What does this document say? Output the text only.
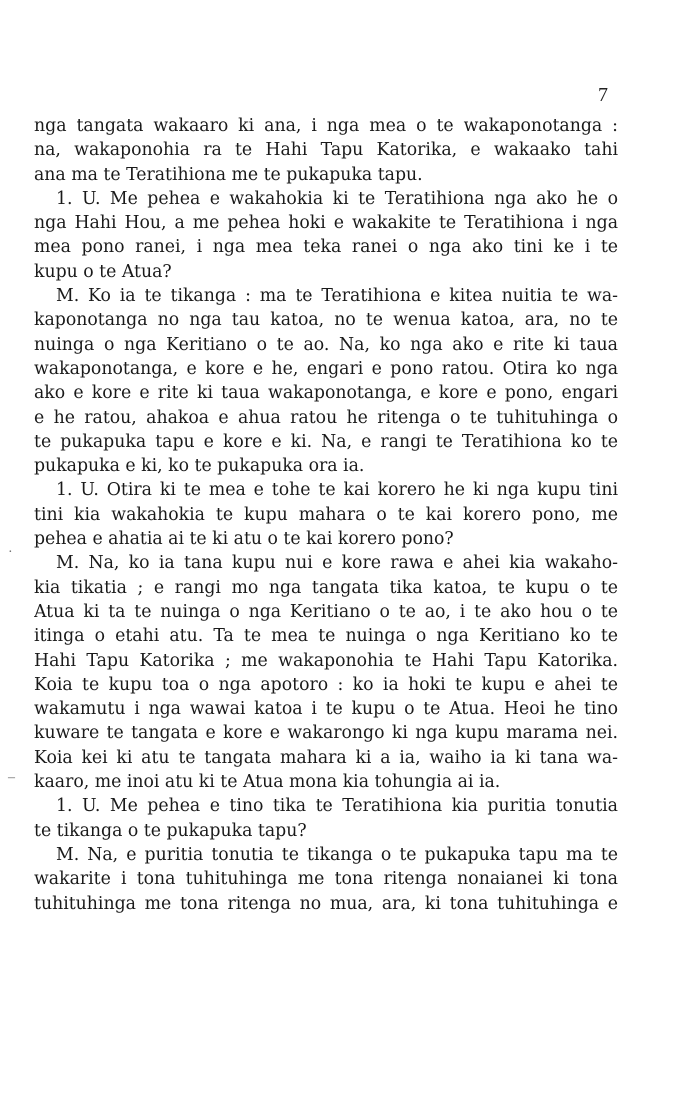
7
·
–
nga tangata wakaaro ki ana, i nga mea o te wakaponotanga :
na, wakaponohia ra te Hahi Tapu Katorika, e wakaako tahi
ana ma te Teratihiona me te pukapuka tapu.
1. U. Me pehea e wakahokia ki te Teratihiona nga ako he o
nga Hahi Hou, a me pehea hoki e wakakite te Teratihiona i nga
mea pono ranei, i nga mea teka ranei o nga ako tini ke i te
kupu o te Atua?
M. Ko ia te tikanga : ma te Teratihiona e kitea nuitia te wa-
kaponotanga no nga tau katoa, no te wenua katoa, ara, no te
nuinga o nga Keritiano o te ao. Na, ko nga ako e rite ki taua
wakaponotanga, e kore e he, engari e pono ratou. Otira ko nga
ako e kore e rite ki taua wakaponotanga, e kore e pono, engari
e he ratou, ahakoa e ahua ratou he ritenga o te tuhituhinga o
te pukapuka tapu e kore e ki. Na, e rangi te Teratihiona ko te
pukapuka e ki, ko te pukapuka ora ia.
1. U. Otira ki te mea e tohe te kai korero he ki nga kupu tini
tini kia wakahokia te kupu mahara o te kai korero pono, me
pehea e ahatia ai te ki atu o te kai korero pono?
M. Na, ko ia tana kupu nui e kore rawa e ahei kia wakaho-
kia tikatia ; e rangi mo nga tangata tika katoa, te kupu o te
Atua ki ta te nuinga o nga Keritiano o te ao, i te ako hou o te
itinga o etahi atu. Ta te mea te nuinga o nga Keritiano ko te
Hahi Tapu Katorika ; me wakaponohia te Hahi Tapu Katorika.
Koia te kupu toa o nga apotoro : ko ia hoki te kupu e ahei te
wakamutu i nga wawai katoa i te kupu o te Atua. Heoi he tino
kuware te tangata e kore e wakarongo ki nga kupu marama nei.
Koia kei ki atu te tangata mahara ki a ia, waiho ia ki tana wa-
kaaro, me inoi atu ki te Atua mona kia tohungia ai ia.
1. U. Me pehea e tino tika te Teratihiona kia puritia tonutia
te tikanga o te pukapuka tapu?
M. Na, e puritia tonutia te tikanga o te pukapuka tapu ma te
wakarite i tona tuhituhinga me tona ritenga nonaianei ki tona
tuhituhinga me tona ritenga no mua, ara, ki tona tuhituhinga e
